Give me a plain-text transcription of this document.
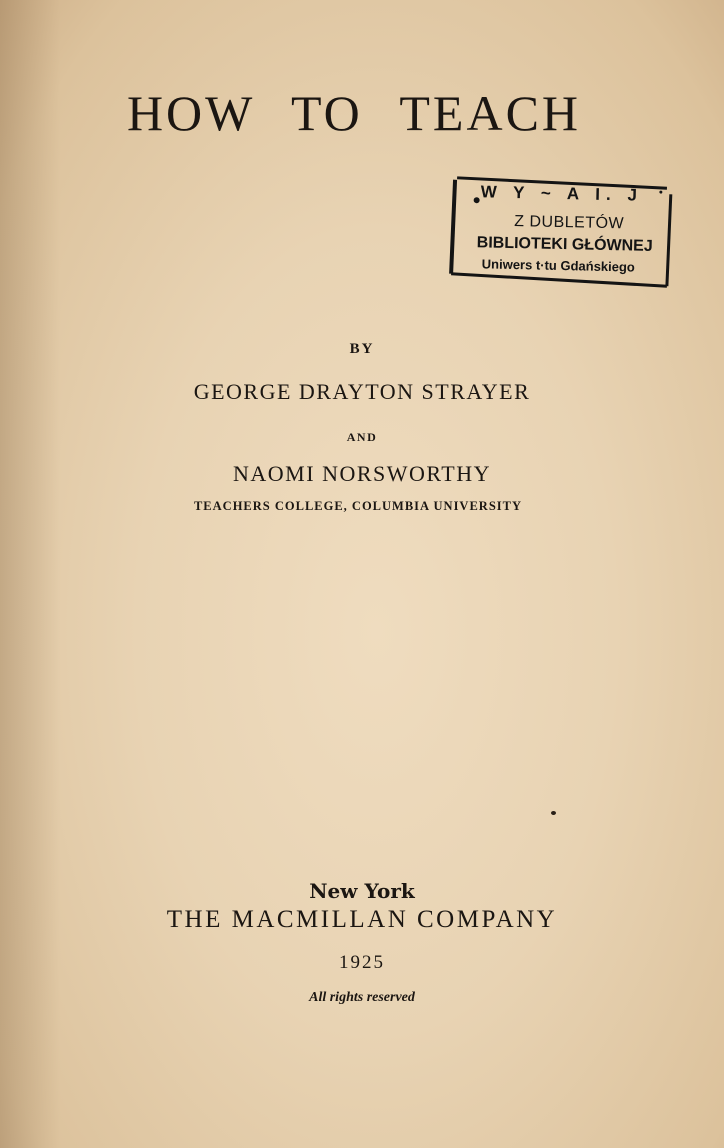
HOW TO TEACH
W Y ~ A I. J
Z DUBLETÓW
BIBLIOTEKI GŁÓWNEJ
Uniwers t·tu Gdańskiego
BY
GEORGE DRAYTON STRAYER
AND
NAOMI NORSWORTHY
TEACHERS COLLEGE, COLUMBIA UNIVERSITY
New York
THE MACMILLAN COMPANY
1925
All rights reserved
